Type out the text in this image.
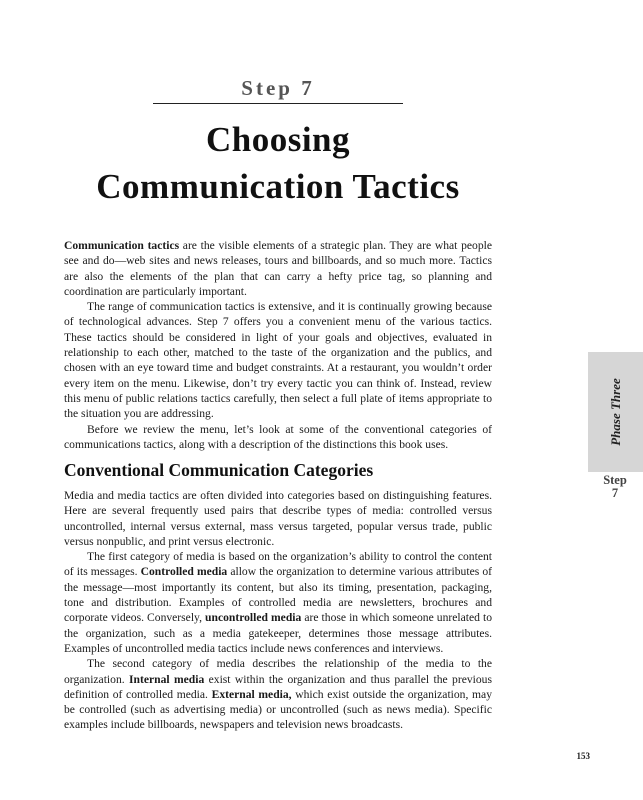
Step 7
Choosing
Communication Tactics

Communication tactics are the visible elements of a strategic plan. They are what people see and do—web sites and news releases, tours and billboards, and so much more. Tactics are also the elements of the plan that can carry a hefty price tag, so planning and coordination are particularly important.

The range of communication tactics is extensive, and it is continually growing because of technological advances. Step 7 offers you a convenient menu of the various tactics. These tactics should be considered in light of your goals and objectives, evaluated in relationship to each other, matched to the taste of the organization and the publics, and chosen with an eye toward time and budget constraints. At a restaurant, you wouldn’t order every item on the menu. Likewise, don’t try every tactic you can think of. Instead, review this menu of public relations tactics carefully, then select a full plate of items appropriate to the situation you are addressing.

Before we review the menu, let’s look at some of the conventional categories of communications tactics, along with a description of the distinctions this book uses.

Conventional Communication Categories

Media and media tactics are often divided into categories based on distinguishing features. Here are several frequently used pairs that describe types of media: controlled versus uncontrolled, internal versus external, mass versus targeted, popular versus trade, public versus nonpublic, and print versus electronic.

The first category of media is based on the organization’s ability to control the content of its messages. Controlled media allow the organization to determine various attributes of the message—most importantly its content, but also its timing, presentation, packaging, tone and distribution. Examples of controlled media are newsletters, brochures and corporate videos. Conversely, uncontrolled media are those in which someone unrelated to the organization, such as a media gatekeeper, determines those message attributes. Examples of uncontrolled media tactics include news conferences and interviews.

The second category of media describes the relationship of the media to the organization. Internal media exist within the organization and thus parallel the previous definition of controlled media. External media, which exist outside the organization, may be controlled (such as advertising media) or uncontrolled (such as news media). Specific examples include billboards, newspapers and television news broadcasts.

Phase Three
Step
7
153
